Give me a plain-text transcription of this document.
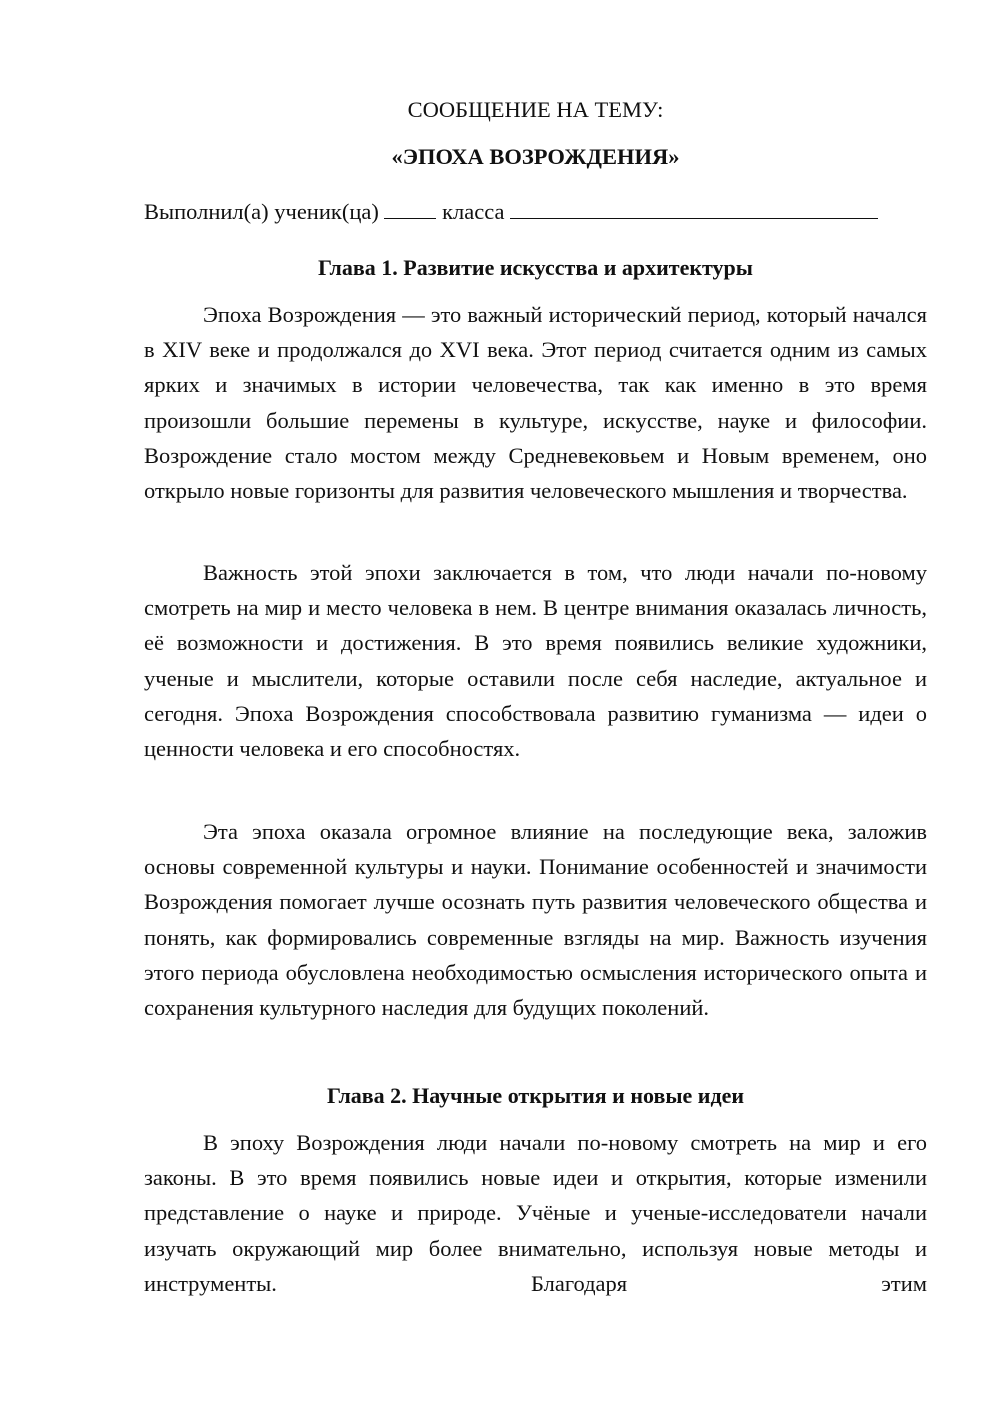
СООБЩЕНИЕ НА ТЕМУ:
«ЭПОХА ВОЗРОЖДЕНИЯ»
Выполнил(а) ученик(ца)	класса
Глава 1. Развитие искусства и архитектуры

Эпоха Возрождения — это важный исторический период, который начался в XIV веке и продолжался до XVI века. Этот период считается одним из самых ярких и значимых в истории человечества, так как именно в это время произошли большие перемены в культуре, искусстве, науке и философии. Возрождение стало мостом между Средневековьем и Новым временем, оно открыло новые горизонты для развития человеческого мышления и творчества.

Важность этой эпохи заключается в том, что люди начали по-новому смотреть на мир и место человека в нем. В центре внимания оказалась личность, её возможности и достижения. В это время появились великие художники, ученые и мыслители, которые оставили после себя наследие, актуальное и сегодня. Эпоха Возрождения способствовала развитию гуманизма — идеи о ценности человека и его способностях.

Эта эпоха оказала огромное влияние на последующие века, заложив основы современной культуры и науки. Понимание особенностей и значимости Возрождения помогает лучше осознать путь развития человеческого общества и понять, как формировались современные взгляды на мир. Важность изучения этого периода обусловлена необходимостью осмысления исторического опыта и сохранения культурного наследия для будущих поколений.

Глава 2. Научные открытия и новые идеи

В эпоху Возрождения люди начали по-новому смотреть на мир и его законы. В это время появились новые идеи и открытия, которые изменили представление о науке и природе. Учёные и ученые-исследователи начали изучать окружающий мир более внимательно, используя новые методы и инструменты. Благодаря этим
